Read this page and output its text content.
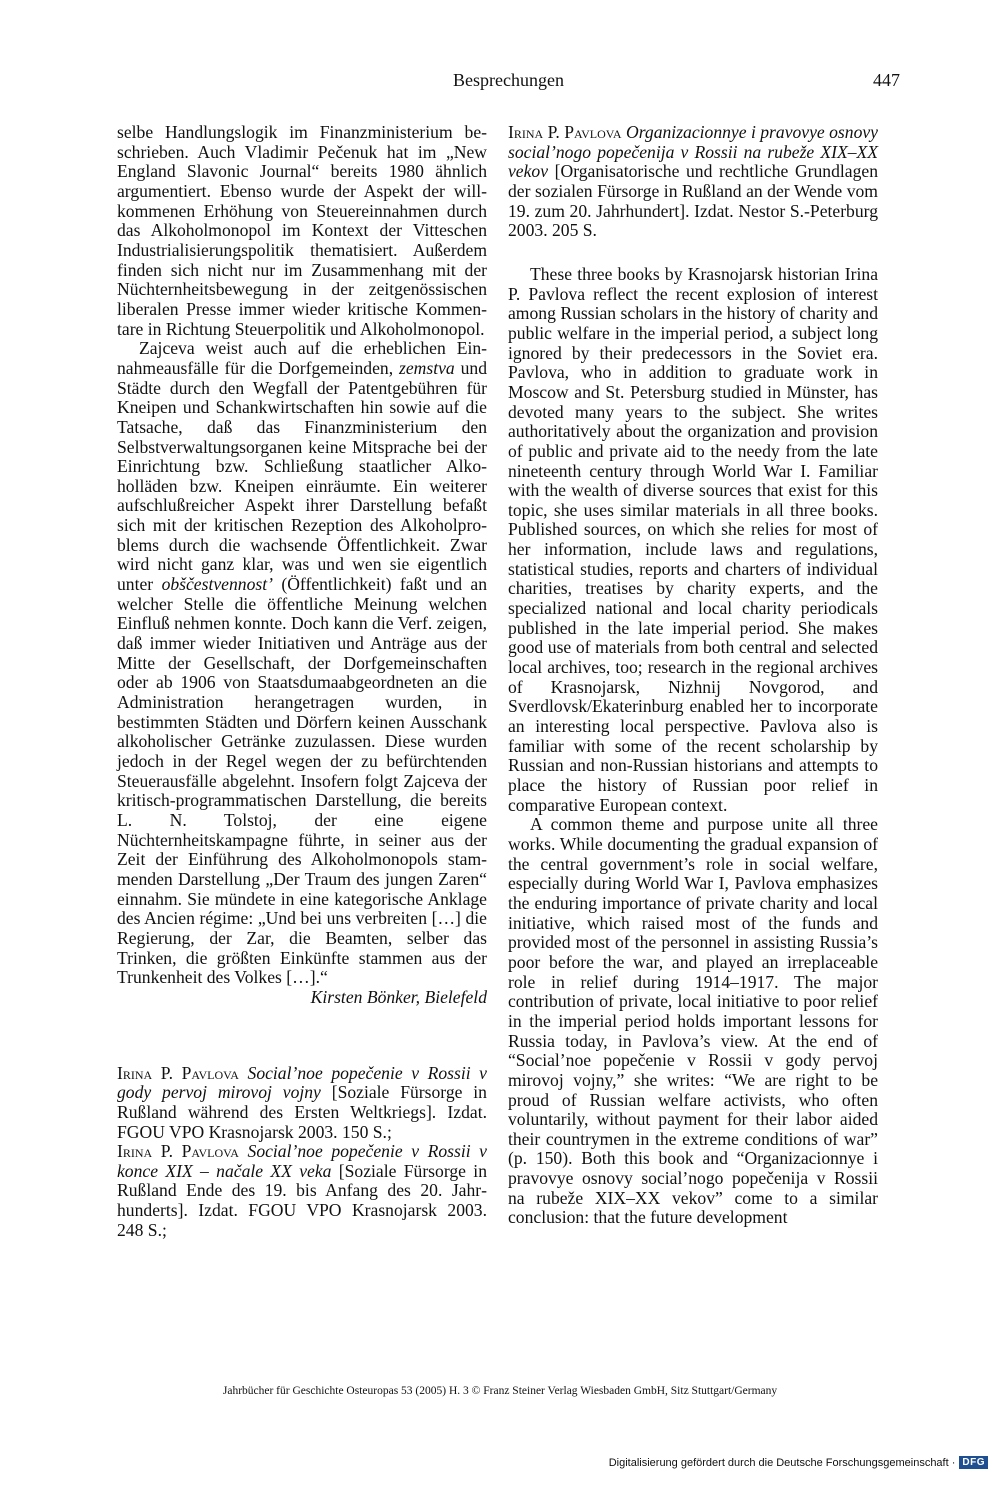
Besprechungen	447

selbe Handlungslogik im Finanzministerium beschrieben. Auch Vladimir Pečenuk hat im „New England Slavonic Journal“ bereits 1980 ähnlich argumentiert. Ebenso wurde der Aspekt der willkommenen Erhöhung von Steuereinnahmen durch das Alkoholmonopol im Kontext der Vitteschen Industrialisierungspolitik thematisiert. Außerdem finden sich nicht nur im Zusammenhang mit der Nüchternheitsbewegung in der zeitgenössischen liberalen Presse immer wieder kritische Kommentare in Richtung Steuerpolitik und Alkoholmonopol.

Zajceva weist auch auf die erheblichen Einnahmeausfälle für die Dorfgemeinden, zemstva und Städte durch den Wegfall der Patentgebühren für Kneipen und Schankwirtschaften hin sowie auf die Tatsache, daß das Finanzministerium den Selbstverwaltungsorganen keine Mitsprache bei der Einrichtung bzw. Schließung staatlicher Alkoholläden bzw. Kneipen einräumte. Ein weiterer aufschlußreicher Aspekt ihrer Darstellung befaßt sich mit der kritischen Rezeption des Alkoholproblems durch die wachsende Öffentlichkeit. Zwar wird nicht ganz klar, was und wen sie eigentlich unter obščestvennost’ (Öffentlichkeit) faßt und an welcher Stelle die öffentliche Meinung welchen Einfluß nehmen konnte. Doch kann die Verf. zeigen, daß immer wieder Initiativen und Anträge aus der Mitte der Gesellschaft, der Dorfgemeinschaften oder ab 1906 von Staatsdumaabgeordneten an die Administration herangetragen wurden, in bestimmten Städten und Dörfern keinen Ausschank alkoholischer Getränke zuzulassen. Diese wurden jedoch in der Regel wegen der zu befürchtenden Steuerausfälle abgelehnt. Insofern folgt Zajceva der kritisch-programmatischen Darstellung, die bereits L. N. Tolstoj, der eine eigene Nüchternheitskampagne führte, in seiner aus der Zeit der Einführung des Alkoholmonopols stammenden Darstellung „Der Traum des jungen Zaren“ einnahm. Sie mündete in eine kategorische Anklage des Ancien régime: „Und bei uns verbreiten […] die Regierung, der Zar, die Beamten, selber das Trinken, die größten Einkünfte stammen aus der Trunkenheit des Volkes […].“

Kirsten Bönker, Bielefeld

Irina P. Pavlova Social’noe popečenie v Rossii v gody pervoj mirovoj vojny [Soziale Fürsorge in Rußland während des Ersten Weltkriegs]. Izdat. FGOU VPO Krasnojarsk 2003. 150 S.;

Irina P. Pavlova Social’noe popečenie v Rossii v konce XIX – načale XX veka [Soziale Fürsorge in Rußland Ende des 19. bis Anfang des 20. Jahrhunderts]. Izdat. FGOU VPO Krasnojarsk 2003. 248 S.;

Irina P. Pavlova Organizacionnye i pravovye osnovy social’nogo popečenija v Rossii na rubeže XIX–XX vekov [Organisatorische und rechtliche Grundlagen der sozialen Fürsorge in Rußland an der Wende vom 19. zum 20. Jahrhundert]. Izdat. Nestor S.-Peterburg 2003. 205 S.

These three books by Krasnojarsk historian Irina P. Pavlova reflect the recent explosion of interest among Russian scholars in the history of charity and public welfare in the imperial period, a subject long ignored by their predecessors in the Soviet era. Pavlova, who in addition to graduate work in Moscow and St. Petersburg studied in Münster, has devoted many years to the subject. She writes authoritatively about the organization and provision of public and private aid to the needy from the late nineteenth century through World War I. Familiar with the wealth of diverse sources that exist for this topic, she uses similar materials in all three books. Published sources, on which she relies for most of her information, include laws and regulations, statistical studies, reports and charters of individual charities, treatises by charity experts, and the specialized national and local charity periodicals published in the late imperial period. She makes good use of materials from both central and selected local archives, too; research in the regional archives of Krasnojarsk, Nizhnij Novgorod, and Sverdlovsk/Ekaterinburg enabled her to incorporate an interesting local perspective. Pavlova also is familiar with some of the recent scholarship by Russian and non-Russian historians and attempts to place the history of Russian poor relief in comparative European context.

A common theme and purpose unite all three works. While documenting the gradual expansion of the central government’s role in social welfare, especially during World War I, Pavlova emphasizes the enduring importance of private charity and local initiative, which raised most of the funds and provided most of the personnel in assisting Russia’s poor before the war, and played an irreplaceable role in relief during 1914–1917. The major contribution of private, local initiative to poor relief in the imperial period holds important lessons for Russia today, in Pavlova’s view. At the end of “Social’noe popečenie v Rossii v gody pervoj mirovoj vojny,” she writes: “We are right to be proud of Russian welfare activists, who often voluntarily, without payment for their labor aided their countrymen in the extreme conditions of war” (p. 150). Both this book and “Organizacionnye i pravovye osnovy social’nogo popečenija v Rossii na rubeže XIX–XX vekov” come to a similar conclusion: that the future development

Jahrbücher für Geschichte Osteuropas 53 (2005) H. 3 © Franz Steiner Verlag Wiesbaden GmbH, Sitz Stuttgart/Germany
Digitalisierung gefördert durch die Deutsche Forschungsgemeinschaft · DFG
